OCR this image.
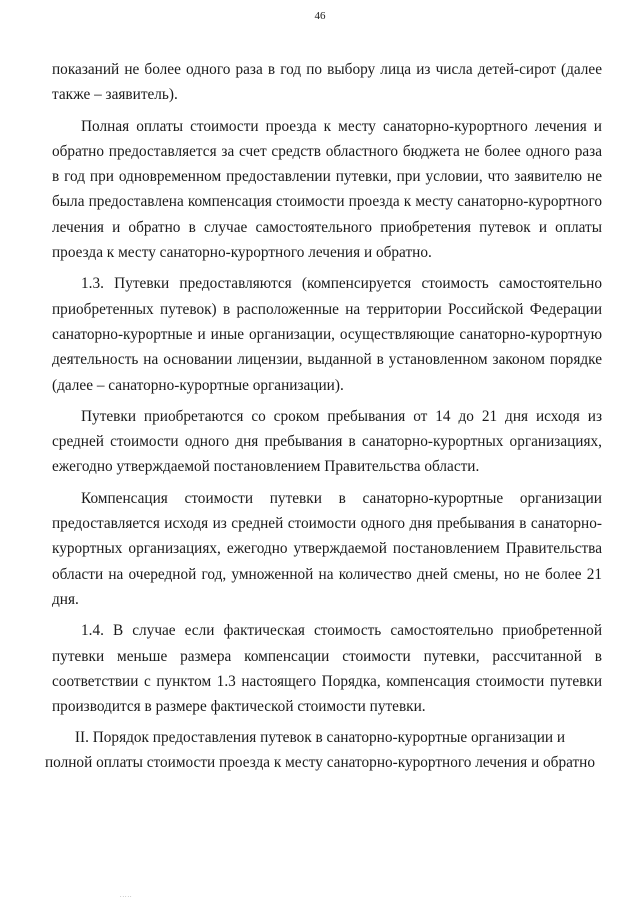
46

показаний не более одного раза в год по выбору лица из числа детей-сирот (далее также – заявитель).

Полная оплаты стоимости проезда к месту санаторно-курортного лечения и обратно предоставляется за счет средств областного бюджета не более одного раза в год при одновременном предоставлении путевки, при условии, что заявителю не была предоставлена компенсация стоимости проезда к месту санаторно-курортного лечения и обратно в случае самостоятельного приобретения путевок и оплаты проезда к месту санаторно-курортного лечения и обратно.

1.3. Путевки предоставляются (компенсируется стоимость самостоятельно приобретенных путевок) в расположенные на территории Российской Федерации санаторно-курортные и иные организации, осуществляющие санаторно-курортную деятельность на основании лицензии, выданной в установленном законом порядке (далее – санаторно-курортные организации).

Путевки приобретаются со сроком пребывания от 14 до 21 дня исходя из средней стоимости одного дня пребывания в санаторно-курортных организациях, ежегодно утверждаемой постановлением Правительства области.

Компенсация стоимости путевки в санаторно-курортные организации предоставляется исходя из средней стоимости одного дня пребывания в санаторно-курортных организациях, ежегодно утверждаемой постановлением Правительства области на очередной год, умноженной на количество дней смены, но не более 21 дня.

1.4. В случае если фактическая стоимость самостоятельно приобретенной путевки меньше размера компенсации стоимости путевки, рассчитанной в соответствии с пунктом 1.3 настоящего Порядка, компенсация стоимости путевки производится в размере фактической стоимости путевки.

II. Порядок предоставления путевок в санаторно-курортные организации и
полной оплаты стоимости проезда к месту санаторно-курортного лечения и обратно
.....
